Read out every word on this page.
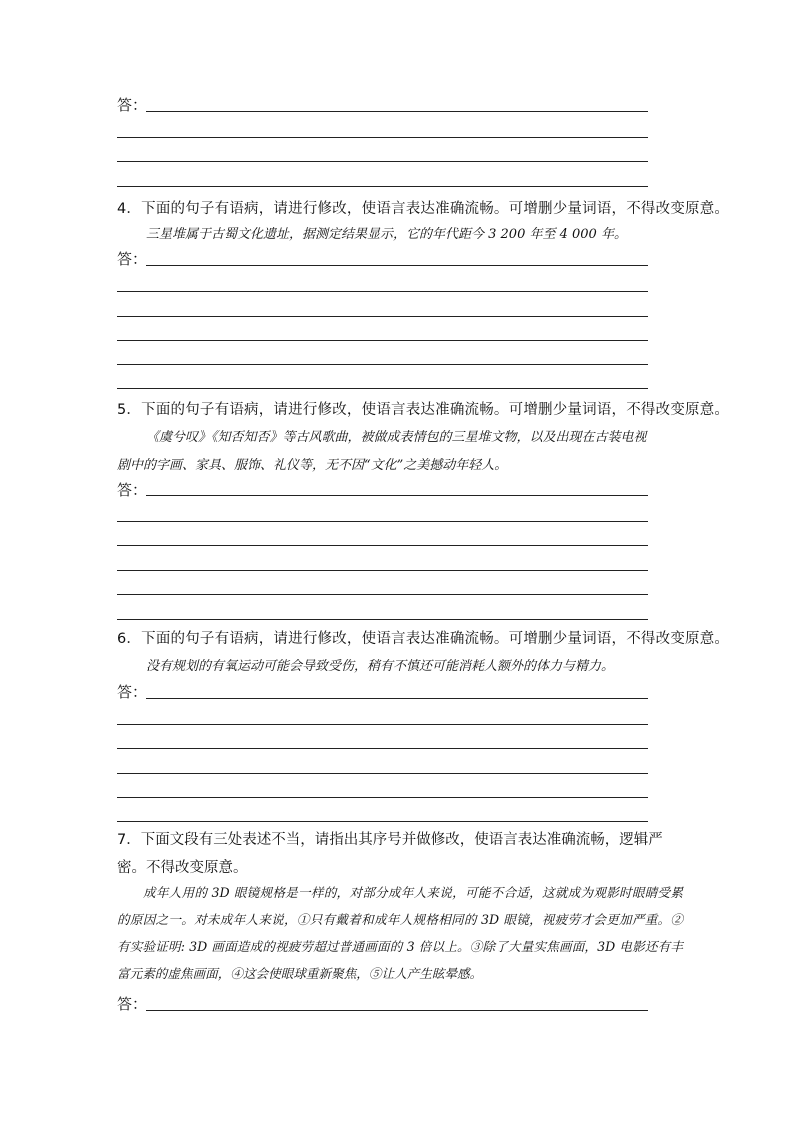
答：
4．下面的句子有语病，请进行修改，使语言表达准确流畅。可增删少量词语，不得改变原意。
三星堆属于古蜀文化遗址，据测定结果显示，它的年代距今 3 200 年至 4 000 年。
答：
5．下面的句子有语病，请进行修改，使语言表达准确流畅。可增删少量词语，不得改变原意。
《虞兮叹》《知否知否》等古风歌曲，被做成表情包的三星堆文物，以及出现在古装电视
剧中的字画、家具、服饰、礼仪等，无不因“文化”之美撼动年轻人。
答：
6．下面的句子有语病，请进行修改，使语言表达准确流畅。可增删少量词语，不得改变原意。
没有规划的有氧运动可能会导致受伤，稍有不慎还可能消耗人额外的体力与精力。
答：
7．下面文段有三处表述不当，请指出其序号并做修改，使语言表达准确流畅，逻辑严密。不得改变原意。
成年人用的 3D 眼镜规格是一样的，对部分成年人来说，可能不合适，这就成为观影时眼睛受累的原因之一。对未成年人来说，①只有戴着和成年人规格相同的 3D 眼镜，视疲劳才会更加严重。②有实验证明: 3D 画面造成的视疲劳超过普通画面的 3 倍以上。③除了大量实焦画面，3D 电影还有丰富元素的虚焦画面，④这会使眼球重新聚焦，⑤让人产生眩晕感。
答：
